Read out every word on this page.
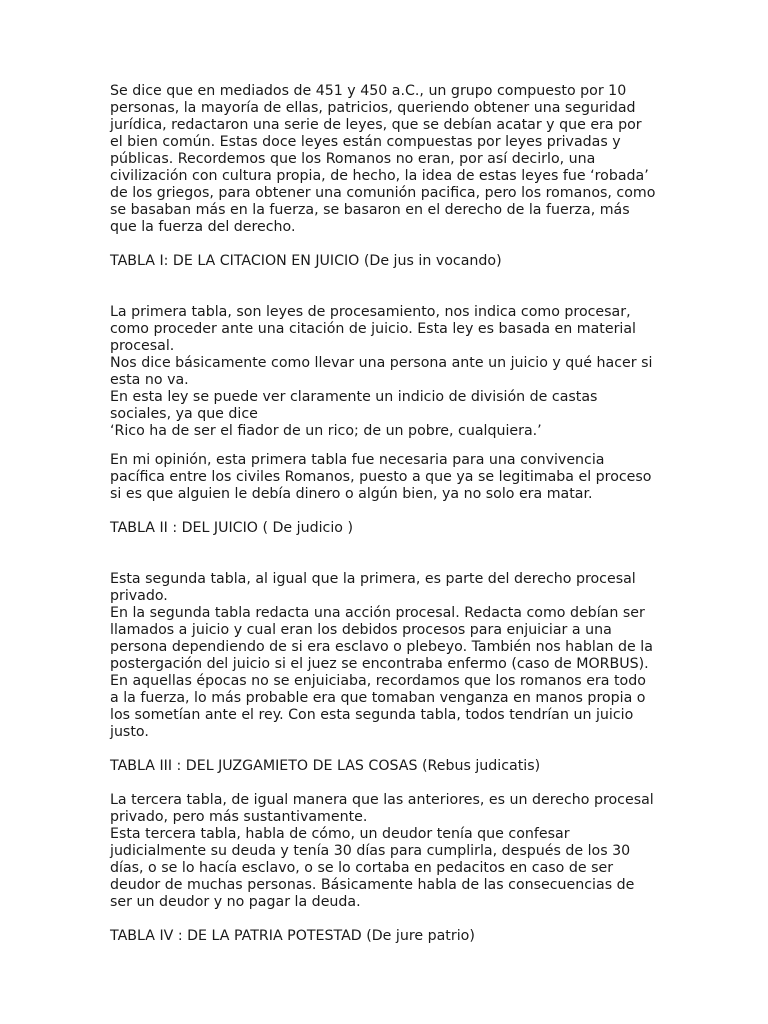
Se dice que en mediados de 451 y 450 a.C., un grupo compuesto por 10
personas, la mayoría de ellas, patricios, queriendo obtener una seguridad
jurídica, redactaron una serie de leyes, que se debían acatar y que era por
el bien común. Estas doce leyes están compuestas por leyes privadas y
públicas. Recordemos que los Romanos no eran, por así decirlo, una
civilización con cultura propia, de hecho, la idea de estas leyes fue ‘robada’
de los griegos, para obtener una comunión pacifica, pero los romanos, como
se basaban más en la fuerza, se basaron en el derecho de la fuerza, más
que la fuerza del derecho.

TABLA I: DE LA CITACION EN JUICIO (De jus in vocando)

La primera tabla, son leyes de procesamiento, nos indica como procesar,
como proceder ante una citación de juicio. Esta ley es basada en material
procesal.
Nos dice básicamente como llevar una persona ante un juicio y qué hacer si
esta no va.
En esta ley se puede ver claramente un indicio de división de castas
sociales, ya que dice
‘Rico ha de ser el fiador de un rico; de un pobre, cualquiera.’

En mi opinión, esta primera tabla fue necesaria para una convivencia
pacífica entre los civiles Romanos, puesto a que ya se legitimaba el proceso
si es que alguien le debía dinero o algún bien, ya no solo era matar.

TABLA II : DEL JUICIO ( De judicio )

Esta segunda tabla, al igual que la primera, es parte del derecho procesal
privado.
En la segunda tabla redacta una acción procesal. Redacta como debían ser
llamados a juicio y cual eran los debidos procesos para enjuiciar a una
persona dependiendo de si era esclavo o plebeyo. También nos hablan de la
postergación del juicio si el juez se encontraba enfermo (caso de MORBUS).
En aquellas épocas no se enjuiciaba, recordamos que los romanos era todo
a la fuerza, lo más probable era que tomaban venganza en manos propia o
los sometían ante el rey. Con esta segunda tabla, todos tendrían un juicio
justo.

TABLA III : DEL JUZGAMIETO DE LAS COSAS (Rebus judicatis)

La tercera tabla, de igual manera que las anteriores, es un derecho procesal
privado, pero más sustantivamente.
Esta tercera tabla, habla de cómo, un deudor tenía que confesar
judicialmente su deuda y tenía 30 días para cumplirla, después de los 30
días, o se lo hacía esclavo, o se lo cortaba en pedacitos en caso de ser
deudor de muchas personas. Básicamente habla de las consecuencias de
ser un deudor y no pagar la deuda.

TABLA IV : DE LA PATRIA POTESTAD (De jure patrio)
